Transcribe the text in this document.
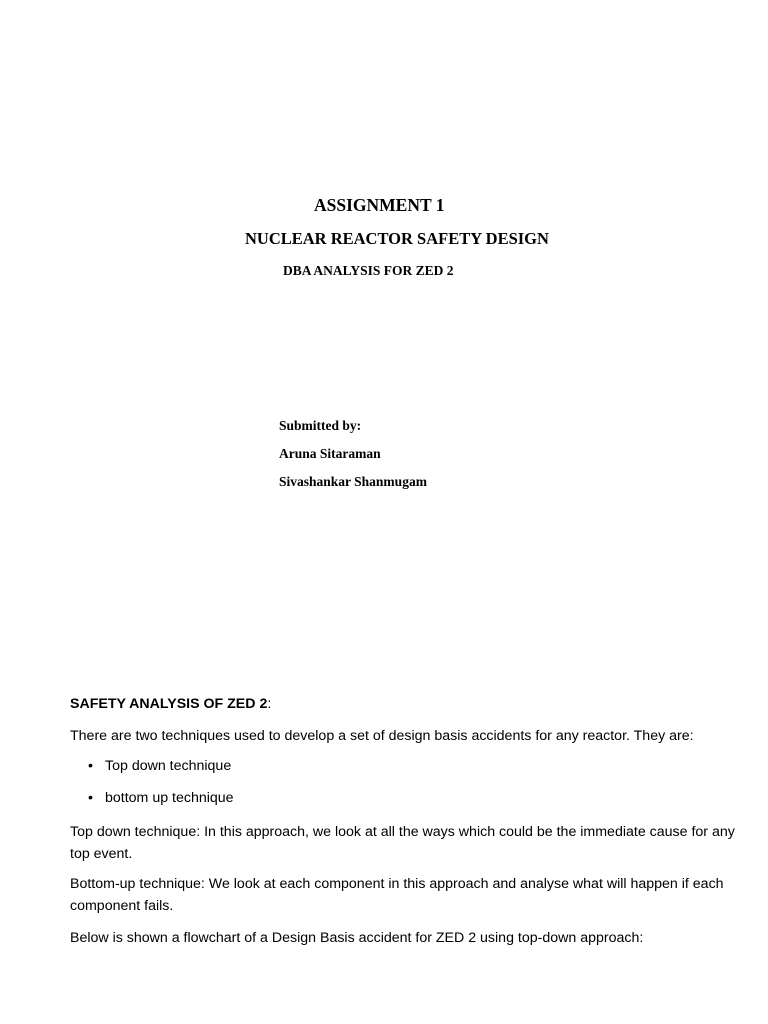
ASSIGNMENT 1
NUCLEAR REACTOR SAFETY DESIGN
DBA ANALYSIS FOR ZED 2
Submitted by:
Aruna Sitaraman
Sivashankar Shanmugam
SAFETY ANALYSIS OF ZED 2:

There are two techniques used to develop a set of design basis accidents for any reactor. They are:

• Top down technique
• bottom up technique

Top down technique: In this approach, we look at all the ways which could be the immediate cause for any top event.

Bottom-up technique: We look at each component in this approach and analyse what will happen if each component fails.

Below is shown a flowchart of a Design Basis accident for ZED 2 using top-down approach:
